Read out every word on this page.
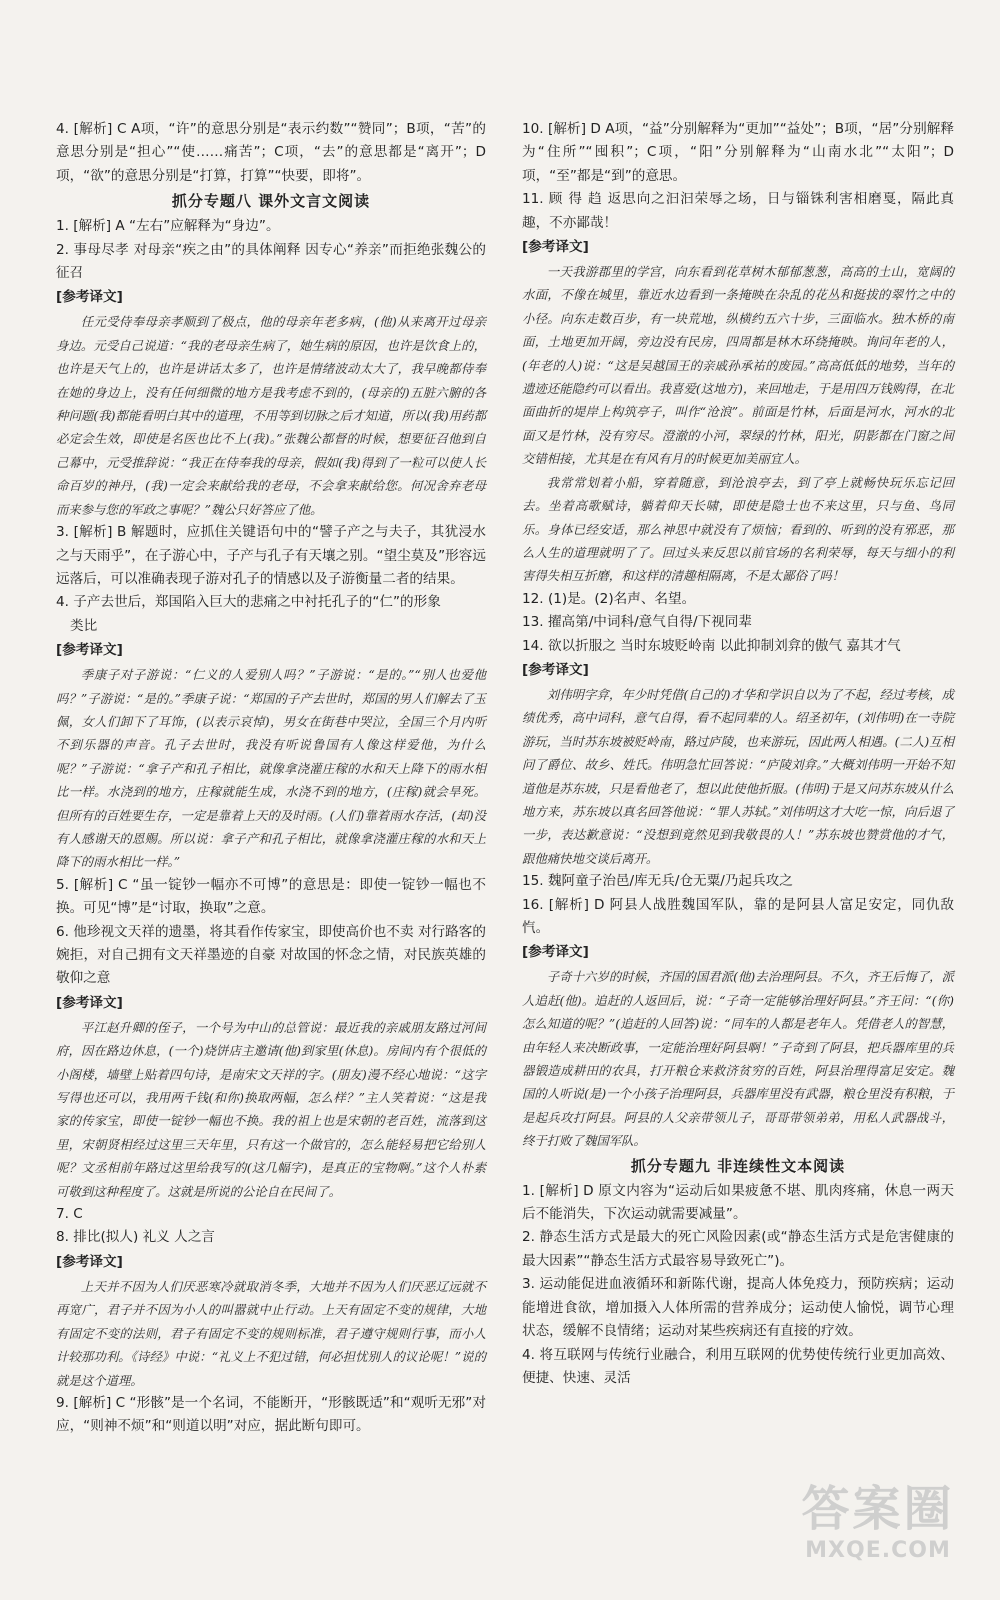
4. [解析] C A项，“许”的意思分别是“表示约数”“赞同”；B项，“苦”的意思分别是“担心”“使……痛苦”；C项，“去”的意思都是“离开”；D项，“欲”的意思分别是“打算，打算”“快要，即将”。
抓分专题八 课外文言文阅读
1. [解析] A “左右”应解释为“身边”。
2. 事母尽孝 对母亲“疾之由”的具体阐释 因专心“养亲”而拒绝张魏公的征召
[参考译文]
任元受侍奉母亲孝顺到了极点，他的母亲年老多病，(他)从来离开过母亲身边。元受自己说道：“我的老母亲生病了，她生病的原因，也许是饮食上的，也许是天气上的，也许是讲话太多了，也许是情绪波动太大了，我早晚都侍奉在她的身边上，没有任何细微的地方是我考虑不到的，(母亲的)五脏六腑的各种问题(我)都能看明白其中的道理，不用等到切脉之后才知道，所以(我)用药都必定会生效，即使是名医也比不上(我)。”张魏公都督的时候，想要征召他到自己幕中，元受推辞说：“我正在侍奉我的母亲，假如(我)得到了一粒可以使人长命百岁的神丹，(我)一定会来献给我的老母，不会拿来献给您。何况舍弃老母而来参与您的军政之事呢？”魏公只好答应了他。
3. [解析] B 解题时，应抓住关键语句中的“譬子产之与夫子，其犹浸水之与天雨乎”，在子游心中，子产与孔子有天壤之别。“望尘莫及”形容远远落后，可以准确表现子游对孔子的情感以及子游衡量二者的结果。
4. 子产去世后，郑国陷入巨大的悲痛之中衬托孔子的“仁”的形象
类比
[参考译文]
季康子对子游说：“仁义的人爱别人吗？”子游说：“是的。”“别人也爱他吗？”子游说：“是的。”季康子说：“郑国的子产去世时，郑国的男人们解去了玉佩，女人们卸下了耳饰，(以表示哀悼)，男女在街巷中哭泣，全国三个月内听不到乐器的声音。孔子去世时，我没有听说鲁国有人像这样爱他，为什么呢？”子游说：“拿子产和孔子相比，就像拿浇灌庄稼的水和天上降下的雨水相比一样。水浇到的地方，庄稼就能生成，水浇不到的地方，(庄稼)就会旱死。但所有的百姓要生存，一定是靠着上天的及时雨。(人们)靠着雨水存活，(却)没有人感谢天的恩赐。所以说：拿子产和孔子相比，就像拿浇灌庄稼的水和天上降下的雨水相比一样。”
5. [解析] C “虽一锭钞一幅亦不可博”的意思是：即使一锭钞一幅也不换。可见“博”是“讨取，换取”之意。
6. 他珍视文天祥的遗墨，将其看作传家宝，即使高价也不卖 对行路客的婉拒，对自己拥有文天祥墨迹的自豪 对故国的怀念之情，对民族英雄的敬仰之意
[参考译文]
平江赵升卿的侄子，一个号为中山的总管说：最近我的亲戚朋友路过河间府，因在路边休息，(一个)烧饼店主邀请(他)到家里(休息)。房间内有个很低的小阁楼，墙壁上贴着四句诗，是南宋文天祥的字。(朋友)漫不经心地说：“这字写得也还可以，我用两千钱(和你)换取两幅，怎么样？”主人笑着说：“这是我家的传家宝，即使一锭钞一幅也不换。我的祖上也是宋朝的老百姓，流落到这里，宋朝贤相经过这里三天年里，只有这一个做官的，怎么能轻易把它给别人呢？文丞相前年路过这里给我写的(这几幅字)，是真正的宝物啊。”这个人朴素可敬到这种程度了。这就是所说的公论自在民间了。
7. C
8. 排比(拟人) 礼义 人之言
[参考译文]
上天并不因为人们厌恶寒冷就取消冬季，大地并不因为人们厌恶辽远就不再宽广，君子并不因为小人的叫嚣就中止行动。上天有固定不变的规律，大地有固定不变的法则，君子有固定不变的规则标准，君子遵守规则行事，而小人计较那功利。《诗经》中说：“礼义上不犯过错，何必担忧别人的议论呢！”说的就是这个道理。
9. [解析] C “形骸”是一个名词，不能断开，“形骸既适”和“观听无邪”对应，“则神不烦”和“则道以明”对应，据此断句即可。
10. [解析] D A项，“益”分别解释为“更加”“益处”；B项，“居”分别解释为“住所”“囤积”；C项，“阳”分别解释为“山南水北”“太阳”；D项，“至”都是“到”的意思。
11. 顾 得 趋 返思向之汩汩荣辱之场，日与锱铢利害相磨戛，隔此真趣，不亦鄙哉！
[参考译文]
一天我游郡里的学宫，向东看到花草树木郁郁葱葱，高高的土山，宽阔的水面，不像在城里，靠近水边看到一条掩映在杂乱的花丛和挺拔的翠竹之中的小径。向东走数百步，有一块荒地，纵横约五六十步，三面临水。独木桥的南面，土地更加开阔，旁边没有民房，四周都是林木环绕掩映。询问年老的人，(年老的人)说：“这是吴越国王的亲戚孙承祐的废园。”高高低低的地势，当年的遗迹还能隐约可以看出。我喜爱(这地方)，来回地走，于是用四万钱购得，在北面曲折的堤岸上构筑亭子，叫作“沧浪”。前面是竹林，后面是河水，河水的北面又是竹林，没有穷尽。澄澈的小河，翠绿的竹林，阳光，阴影都在门窗之间交错相接，尤其是在有风有月的时候更加美丽宜人。
我常常划着小船，穿着随意，到沧浪亭去，到了亭上就畅快玩乐忘记回去。坐着高歌赋诗，躺着仰天长啸，即使是隐士也不来这里，只与鱼、鸟同乐。身体已经安适，那么神思中就没有了烦恼；看到的、听到的没有邪恶，那么人生的道理就明了了。回过头来反思以前官场的名利荣辱，每天与细小的利害得失相互折磨，和这样的清趣相隔离，不是太鄙俗了吗！
12. (1)是。(2)名声、名望。
13. 擢高第/中词科/意气自得/下视同辈
14. 欲以折服之 当时东坡贬岭南 以此抑制刘弇的傲气 嘉其才气
[参考译文]
刘伟明字弇，年少时凭借(自己的)才华和学识自以为了不起，经过考核，成绩优秀，高中词科，意气自得，看不起同辈的人。绍圣初年，(刘伟明)在一寺院游玩，当时苏东坡被贬岭南，路过庐陵，也来游玩，因此两人相遇。(二人)互相问了爵位、故乡、姓氏。伟明急忙回答说：“庐陵刘弇。”大概刘伟明一开始不知道他是苏东坡，只是看他老了，想以此使他折服。(伟明)于是又问苏东坡从什么地方来，苏东坡以真名回答他说：“罪人苏轼。”刘伟明这才大吃一惊，向后退了一步，表达歉意说：“没想到竟然见到我敬畏的人！”苏东坡也赞赏他的才气，跟他痛快地交谈后离开。
15. 魏阿童子治邑/库无兵/仓无粟/乃起兵攻之
16. [解析] D 阿县人战胜魏国军队，靠的是阿县人富足安定，同仇敌忾。
[参考译文]
子奇十六岁的时候，齐国的国君派(他)去治理阿县。不久，齐王后悔了，派人追赶(他)。追赶的人返回后，说：“子奇一定能够治理好阿县。”齐王问：“(你)怎么知道的呢？”(追赶的人回答)说：“同车的人都是老年人。凭借老人的智慧，由年轻人来决断政事，一定能治理好阿县啊！”子奇到了阿县，把兵器库里的兵器锻造成耕田的农具，打开粮仓来救济贫穷的百姓，阿县治理得富足安定。魏国的人听说(是)一个小孩子治理阿县，兵器库里没有武器，粮仓里没有积粮，于是起兵攻打阿县。阿县的人父亲带领儿子，哥哥带领弟弟，用私人武器战斗，终于打败了魏国军队。
抓分专题九 非连续性文本阅读
1. [解析] D 原文内容为“运动后如果疲惫不堪、肌肉疼痛，休息一两天后不能消失，下次运动就需要减量”。
2. 静态生活方式是最大的死亡风险因素(或“静态生活方式是危害健康的最大因素”“静态生活方式最容易导致死亡”)。
3. 运动能促进血液循环和新陈代谢，提高人体免疫力，预防疾病；运动能增进食欲，增加摄入人体所需的营养成分；运动使人愉悦，调节心理状态，缓解不良情绪；运动对某些疾病还有直接的疗效。
4. 将互联网与传统行业融合，利用互联网的优势使传统行业更加高效、便捷、快速、灵活
答案圈
MXQE.COM
